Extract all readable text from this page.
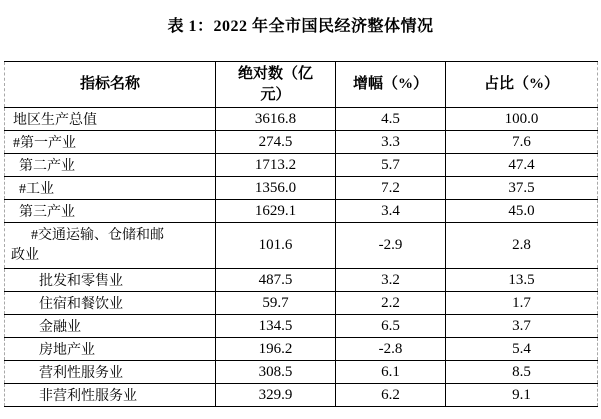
表 1：2022 年全市国民经济整体情况
指标名称	绝对数（亿元）	增幅（%）	占比（%）
地区生产总值	3616.8	4.5	100.0
#第一产业	274.5	3.3	7.6
第二产业	1713.2	5.7	47.4
#工业	1356.0	7.2	37.5
第三产业	1629.1	3.4	45.0

#交通运输、仓储和邮政业	101.6	-2.9	2.8
批发和零售业	487.5	3.2	13.5
住宿和餐饮业	59.7	2.2	1.7
金融业	134.5	6.5	3.7
房地产业	196.2	-2.8	5.4
营利性服务业	308.5	6.1	8.5
非营利性服务业	329.9	6.2	9.1
